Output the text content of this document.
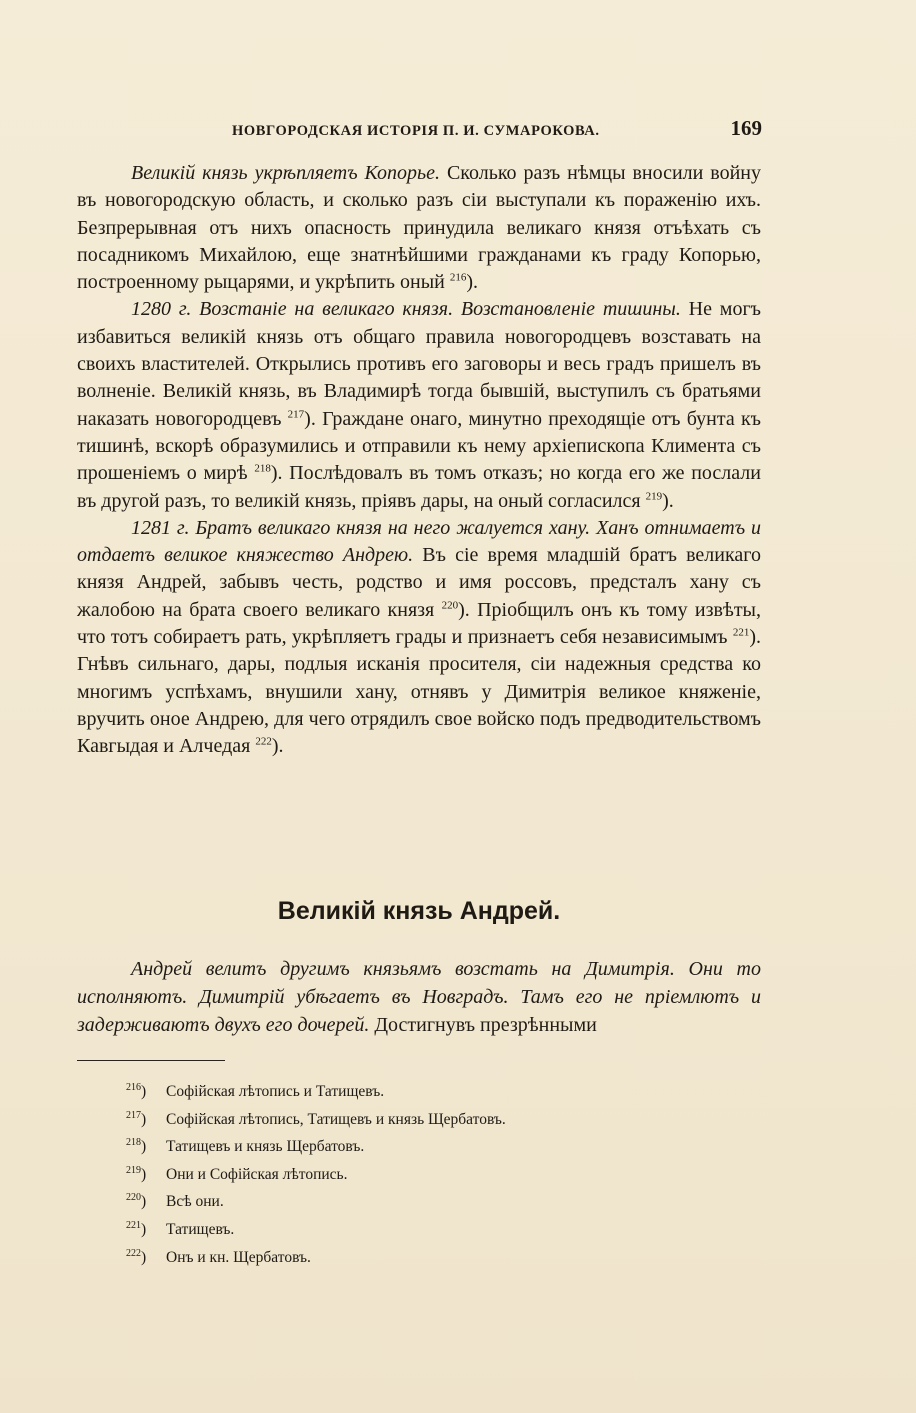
НОВГОРОДСКАЯ ИСТОРІЯ П. И. СУМАРОКОВА.	169

Великій князь укрѣпляетъ Копорье. Сколько разъ нѣмцы вносили войну въ новогородскую область, и сколько разъ сіи выступали къ пораженію ихъ. Безпрерывная отъ нихъ опасность принудила великаго князя отъѣхать съ посадникомъ Михайлою, еще знатнѣйшими гражданами къ граду Копорью, построенному рыцарями, и укрѣпить оный $^{216}$).

1280 г. Возстаніе на великаго князя. Возстановленіе тишины. Не могъ избавиться великій князь отъ общаго правила новогородцевъ возставать на своихъ властителей. Открылись противъ его заговоры и весь градъ пришелъ въ волненіе. Великій князь, въ Владимирѣ тогда бывшій, выступилъ съ братьями наказать новогородцевъ $^{217}$). Граждане онаго, минутно преходящіе отъ бунта къ тишинѣ, вскорѣ образумились и отправили къ нему архіепископа Климента съ прошеніемъ о мирѣ $^{218}$). Послѣдовалъ въ томъ отказъ; но когда его же послали въ другой разъ, то великій князь, пріявъ дары, на оный согласился $^{219}$).

1281 г. Братъ великаго князя на него жалуется хану. Ханъ отнимаетъ и отдаетъ великое княжество Андрею. Въ сіе время младшій братъ великаго князя Андрей, забывъ честь, родство и имя россовъ, предсталъ хану съ жалобою на брата своего великаго князя $^{220}$). Пріобщилъ онъ къ тому извѣты, что тотъ собираетъ рать, укрѣпляетъ грады и признаетъ себя независимымъ $^{221}$). Гнѣвъ сильнаго, дары, подлыя исканія просителя, сіи надежныя средства ко многимъ успѣхамъ, внушили хану, отнявъ у Димитрія великое княженіе, вручить оное Андрею, для чего отрядилъ свое войско подъ предводительствомъ Кавгыдая и Алчедая $^{222}$).

Великій князь Андрей.

Андрей велитъ другимъ князьямъ возстать на Димитрія. Они то исполняютъ. Димитрій убѣгаетъ въ Новградъ. Тамъ его не пріемлютъ и задерживаютъ двухъ его дочерей. Достигнувъ презрѣнными

$^{216}$)	Софійская лѣтопись и Татищевъ.
$^{217}$)	Софійская лѣтопись, Татищевъ и князь Щербатовъ.
$^{218}$)	Татищевъ и князь Щербатовъ.
$^{219}$)	Они и Софійская лѣтопись.
$^{220}$)	Всѣ они.
$^{221}$)	Татищевъ.
$^{222}$)	Онъ и кн. Щербатовъ.
